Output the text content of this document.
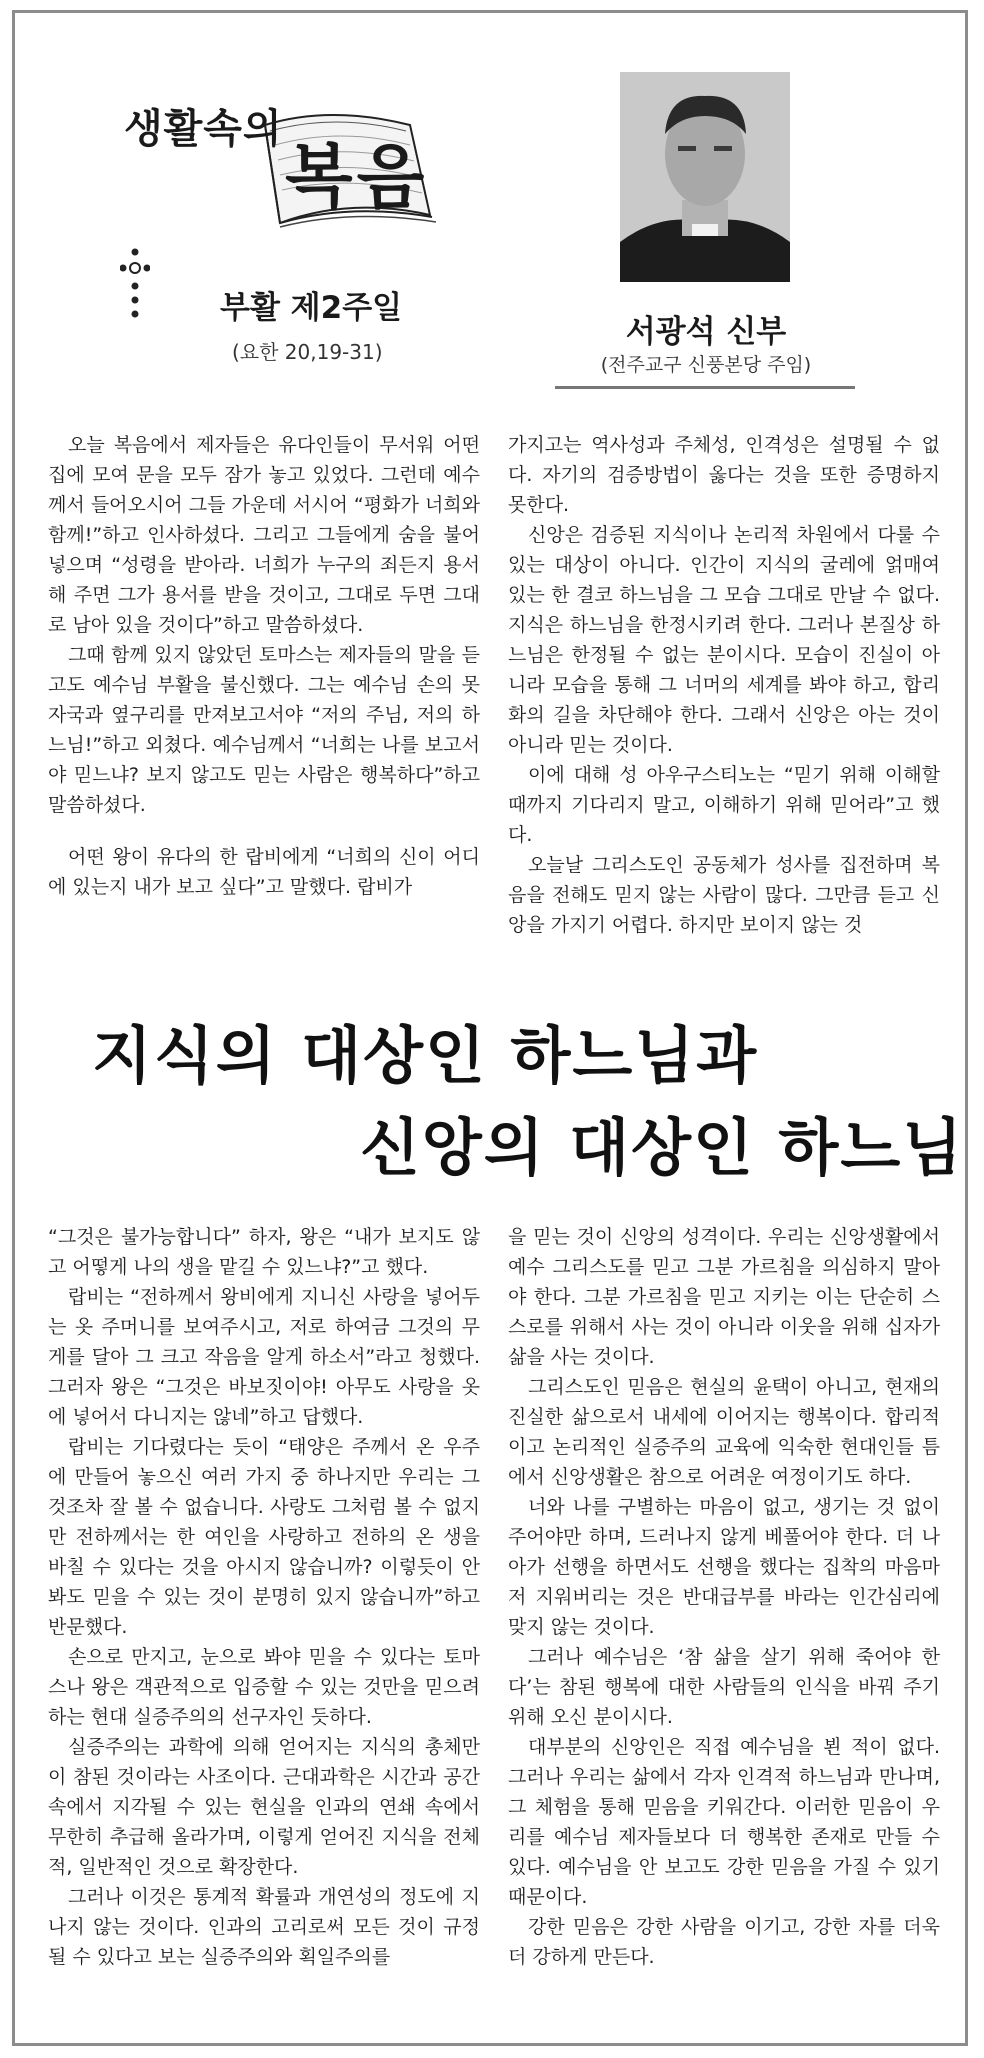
생활속의
복음
부활 제2주일
(요한 20,19-31)
서광석 신부
(전주교구 신풍본당 주임)

오늘 복음에서 제자들은 유다인들이 무서워 어떤 집에 모여 문을 모두 잠가 놓고 있었다. 그런데 예수께서 들어오시어 그들 가운데 서시어 “평화가 너희와 함께!”하고 인사하셨다. 그리고 그들에게 숨을 불어넣으며 “성령을 받아라. 너희가 누구의 죄든지 용서해 주면 그가 용서를 받을 것이고, 그대로 두면 그대로 남아 있을 것이다”하고 말씀하셨다.

그때 함께 있지 않았던 토마스는 제자들의 말을 듣고도 예수님 부활을 불신했다. 그는 예수님 손의 못 자국과 옆구리를 만져보고서야 “저의 주님, 저의 하느님!”하고 외쳤다. 예수님께서 “너희는 나를 보고서야 믿느냐? 보지 않고도 믿는 사람은 행복하다”하고 말씀하셨다.

어떤 왕이 유다의 한 랍비에게 “너희의 신이 어디에 있는지 내가 보고 싶다”고 말했다. 랍비가

가지고는 역사성과 주체성, 인격성은 설명될 수 없다. 자기의 검증방법이 옳다는 것을 또한 증명하지 못한다.

신앙은 검증된 지식이나 논리적 차원에서 다룰 수 있는 대상이 아니다. 인간이 지식의 굴레에 얽매여 있는 한 결코 하느님을 그 모습 그대로 만날 수 없다. 지식은 하느님을 한정시키려 한다. 그러나 본질상 하느님은 한정될 수 없는 분이시다. 모습이 진실이 아니라 모습을 통해 그 너머의 세계를 봐야 하고, 합리화의 길을 차단해야 한다. 그래서 신앙은 아는 것이 아니라 믿는 것이다.

이에 대해 성 아우구스티노는 “믿기 위해 이해할 때까지 기다리지 말고, 이해하기 위해 믿어라”고 했다.

오늘날 그리스도인 공동체가 성사를 집전하며 복음을 전해도 믿지 않는 사람이 많다. 그만큼 듣고 신앙을 가지기 어렵다. 하지만 보이지 않는 것

지식의 대상인 하느님과
신앙의 대상인 하느님

“그것은 불가능합니다” 하자, 왕은 “내가 보지도 않고 어떻게 나의 생을 맡길 수 있느냐?”고 했다.

랍비는 “전하께서 왕비에게 지니신 사랑을 넣어두는 옷 주머니를 보여주시고, 저로 하여금 그것의 무게를 달아 그 크고 작음을 알게 하소서”라고 청했다. 그러자 왕은 “그것은 바보짓이야! 아무도 사랑을 옷에 넣어서 다니지는 않네”하고 답했다.

랍비는 기다렸다는 듯이 “태양은 주께서 온 우주에 만들어 놓으신 여러 가지 중 하나지만 우리는 그것조차 잘 볼 수 없습니다. 사랑도 그처럼 볼 수 없지만 전하께서는 한 여인을 사랑하고 전하의 온 생을 바칠 수 있다는 것을 아시지 않습니까? 이렇듯이 안 봐도 믿을 수 있는 것이 분명히 있지 않습니까”하고 반문했다.

손으로 만지고, 눈으로 봐야 믿을 수 있다는 토마스나 왕은 객관적으로 입증할 수 있는 것만을 믿으려 하는 현대 실증주의의 선구자인 듯하다.

실증주의는 과학에 의해 얻어지는 지식의 총체만이 참된 것이라는 사조이다. 근대과학은 시간과 공간 속에서 지각될 수 있는 현실을 인과의 연쇄 속에서 무한히 추급해 올라가며, 이렇게 얻어진 지식을 전체적, 일반적인 것으로 확장한다.

그러나 이것은 통계적 확률과 개연성의 정도에 지나지 않는 것이다. 인과의 고리로써 모든 것이 규정될 수 있다고 보는 실증주의와 획일주의를

을 믿는 것이 신앙의 성격이다. 우리는 신앙생활에서 예수 그리스도를 믿고 그분 가르침을 의심하지 말아야 한다. 그분 가르침을 믿고 지키는 이는 단순히 스스로를 위해서 사는 것이 아니라 이웃을 위해 십자가 삶을 사는 것이다.

그리스도인 믿음은 현실의 윤택이 아니고, 현재의 진실한 삶으로서 내세에 이어지는 행복이다. 합리적이고 논리적인 실증주의 교육에 익숙한 현대인들 틈에서 신앙생활은 참으로 어려운 여정이기도 하다.

너와 나를 구별하는 마음이 없고, 생기는 것 없이 주어야만 하며, 드러나지 않게 베풀어야 한다. 더 나아가 선행을 하면서도 선행을 했다는 집착의 마음마저 지워버리는 것은 반대급부를 바라는 인간심리에 맞지 않는 것이다.

그러나 예수님은 ‘참 삶을 살기 위해 죽어야 한다’는 참된 행복에 대한 사람들의 인식을 바꿔 주기 위해 오신 분이시다.

대부분의 신앙인은 직접 예수님을 뵌 적이 없다. 그러나 우리는 삶에서 각자 인격적 하느님과 만나며, 그 체험을 통해 믿음을 키워간다. 이러한 믿음이 우리를 예수님 제자들보다 더 행복한 존재로 만들 수 있다. 예수님을 안 보고도 강한 믿음을 가질 수 있기 때문이다.

강한 믿음은 강한 사람을 이기고, 강한 자를 더욱 더 강하게 만든다.
